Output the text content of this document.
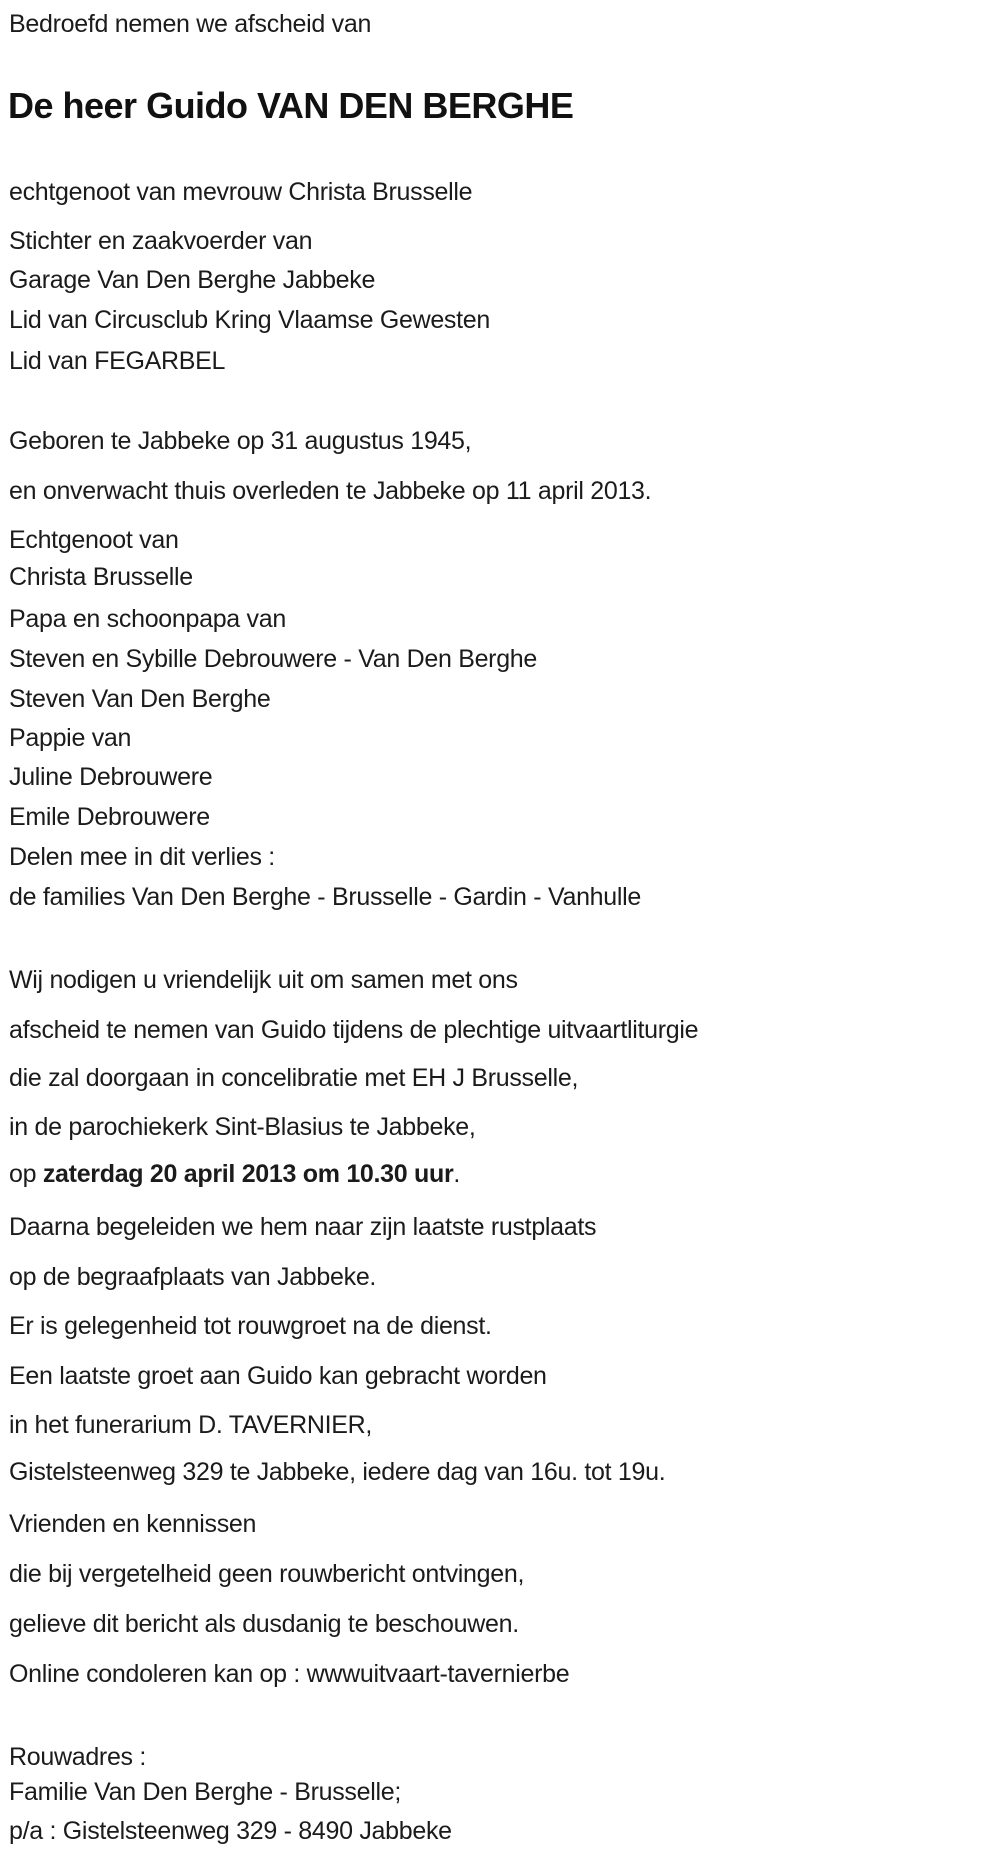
Bedroefd nemen we afscheid van
De heer Guido VAN DEN BERGHE
echtgenoot van mevrouw Christa Brusselle
Stichter en zaakvoerder van
Garage Van Den Berghe Jabbeke
Lid van Circusclub Kring Vlaamse Gewesten
Lid van FEGARBEL
Geboren te Jabbeke op 31 augustus 1945,
en onverwacht thuis overleden te Jabbeke op 11 april 2013.
Echtgenoot van
Christa Brusselle
Papa en schoonpapa van
Steven en Sybille Debrouwere - Van Den Berghe
Steven Van Den Berghe
Pappie van
Juline Debrouwere
Emile Debrouwere
Delen mee in dit verlies :
de families Van Den Berghe - Brusselle - Gardin - Vanhulle
Wij nodigen u vriendelijk uit om samen met ons
afscheid te nemen van Guido tijdens de plechtige uitvaartliturgie
die zal doorgaan in concelibratie met EH J Brusselle,
in de parochiekerk Sint-Blasius te Jabbeke,
op zaterdag 20 april 2013 om 10.30 uur.
Daarna begeleiden we hem naar zijn laatste rustplaats
op de begraafplaats van Jabbeke.
Er is gelegenheid tot rouwgroet na de dienst.
Een laatste groet aan Guido kan gebracht worden
in het funerarium D. TAVERNIER,
Gistelsteenweg 329 te Jabbeke, iedere dag van 16u. tot 19u.
Vrienden en kennissen
die bij vergetelheid geen rouwbericht ontvingen,
gelieve dit bericht als dusdanig te beschouwen.
Online condoleren kan op : wwwuitvaart-tavernierbe
Rouwadres :
Familie Van Den Berghe - Brusselle;
p/a : Gistelsteenweg 329 - 8490 Jabbeke
